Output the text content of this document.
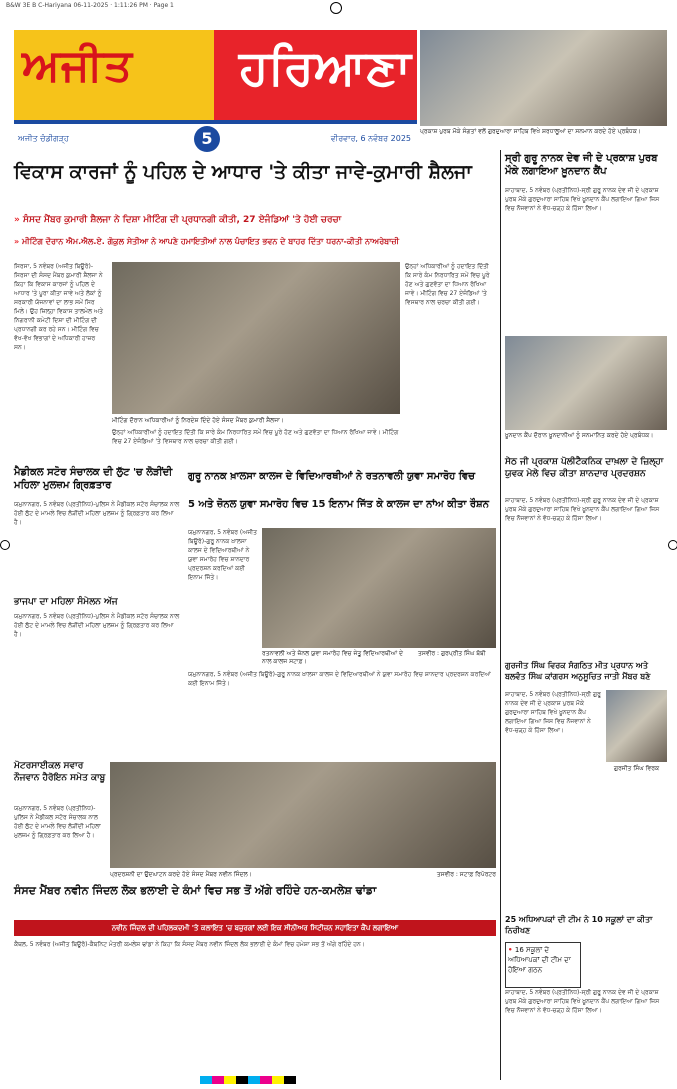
B&W 3E B C-Hariyana 06-11-2025 · 1:11:26 PM · Page 1
ਅਜੀਤ ਹਰਿਆਣਾ
5
ਅਜੀਤ ਚੰਡੀਗੜ੍ਹ	ਵੀਰਵਾਰ, 6 ਨਵੰਬਰ 2025
ਪ੍ਰਕਾਸ਼ ਪੁਰਬ ਮੌਕੇ ਸੰਗਤਾਂ ਵਲੋਂ ਗੁਰਦੁਆਰਾ ਸਾਹਿਬ ਵਿਖੇ ਸ਼ਰਧਾਲੂਆਂ ਦਾ ਸਨਮਾਨ ਕਰਦੇ ਹੋਏ ਪ੍ਰਬੰਧਕ।
ਵਿਕਾਸ ਕਾਰਜਾਂ ਨੂੰ ਪਹਿਲ ਦੇ ਆਧਾਰ 'ਤੇ ਕੀਤਾ ਜਾਵੇ-ਕੁਮਾਰੀ ਸ਼ੈਲਜਾ
» ਸੰਸਦ ਮੈਂਬਰ ਕੁਮਾਰੀ ਸ਼ੈਲਜਾ ਨੇ ਦਿਸ਼ਾ ਮੀਟਿੰਗ ਦੀ ਪ੍ਰਧਾਨਗੀ ਕੀਤੀ, 27 ਏਜੰਡਿਆਂ 'ਤੇ ਹੋਈ ਚਰਚਾ
» ਮੀਟਿੰਗ ਦੌਰਾਨ ਐਮ.ਐਲ.ਏ. ਗੋਕੁਲ ਸੇਤੀਆ ਨੇ ਆਪਣੇ ਹਮਾਇਤੀਆਂ ਨਾਲ ਪੰਚਾਇਤ ਭਵਨ ਦੇ ਬਾਹਰ ਦਿੱਤਾ ਧਰਨਾ-ਕੀਤੀ ਨਾਅਰੇਬਾਜ਼ੀ

ਸਿਰਸਾ, 5 ਨਵੰਬਰ (ਅਜੀਤ ਬਿਊਰੋ)-ਸਿਰਸਾ ਦੀ ਸੰਸਦ ਮੈਂਬਰ ਕੁਮਾਰੀ ਸ਼ੈਲਜਾ ਨੇ ਕਿਹਾ ਕਿ ਵਿਕਾਸ ਕਾਰਜਾਂ ਨੂੰ ਪਹਿਲ ਦੇ ਆਧਾਰ 'ਤੇ ਪੂਰਾ ਕੀਤਾ ਜਾਵੇ ਅਤੇ ਲੋਕਾਂ ਨੂੰ ਸਰਕਾਰੀ ਯੋਜਨਾਵਾਂ ਦਾ ਲਾਭ ਸਮੇਂ ਸਿਰ ਮਿਲੇ। ਉਹ ਜ਼ਿਲ੍ਹਾ ਵਿਕਾਸ ਤਾਲਮੇਲ ਅਤੇ ਨਿਗਰਾਨੀ ਕਮੇਟੀ ਦਿਸ਼ਾ ਦੀ ਮੀਟਿੰਗ ਦੀ ਪ੍ਰਧਾਨਗੀ ਕਰ ਰਹੇ ਸਨ। ਮੀਟਿੰਗ ਵਿਚ ਵੱਖ-ਵੱਖ ਵਿਭਾਗਾਂ ਦੇ ਅਧਿਕਾਰੀ ਹਾਜ਼ਰ ਸਨ।

ਮੀਟਿੰਗ ਦੌਰਾਨ ਅਧਿਕਾਰੀਆਂ ਨੂੰ ਨਿਰਦੇਸ਼ ਦਿੰਦੇ ਹੋਏ ਸੰਸਦ ਮੈਂਬਰ ਕੁਮਾਰੀ ਸ਼ੈਲਜਾ।

ਉਨ੍ਹਾਂ ਅਧਿਕਾਰੀਆਂ ਨੂੰ ਹਦਾਇਤ ਦਿੱਤੀ ਕਿ ਸਾਰੇ ਕੰਮ ਨਿਰਧਾਰਿਤ ਸਮੇਂ ਵਿਚ ਪੂਰੇ ਹੋਣ ਅਤੇ ਗੁਣਵੱਤਾ ਦਾ ਧਿਆਨ ਰੱਖਿਆ ਜਾਵੇ। ਮੀਟਿੰਗ ਵਿਚ 27 ਏਜੰਡਿਆਂ 'ਤੇ ਵਿਸਥਾਰ ਨਾਲ ਚਰਚਾ ਕੀਤੀ ਗਈ।

ਉਨ੍ਹਾਂ ਅਧਿਕਾਰੀਆਂ ਨੂੰ ਹਦਾਇਤ ਦਿੱਤੀ ਕਿ ਸਾਰੇ ਕੰਮ ਨਿਰਧਾਰਿਤ ਸਮੇਂ ਵਿਚ ਪੂਰੇ ਹੋਣ ਅਤੇ ਗੁਣਵੱਤਾ ਦਾ ਧਿਆਨ ਰੱਖਿਆ ਜਾਵੇ। ਮੀਟਿੰਗ ਵਿਚ 27 ਏਜੰਡਿਆਂ 'ਤੇ ਵਿਸਥਾਰ ਨਾਲ ਚਰਚਾ ਕੀਤੀ ਗਈ।

ਸ੍ਰੀ ਗੁਰੂ ਨਾਨਕ ਦੇਵ ਜੀ ਦੇ ਪ੍ਰਕਾਸ਼ ਪੁਰਬ ਮੌਕੇ ਲਗਾਇਆ ਖ਼ੂਨਦਾਨ ਕੈਂਪ

ਸ਼ਾਹਾਬਾਦ, 5 ਨਵੰਬਰ (ਪ੍ਰਤੀਨਿਧ)-ਸ੍ਰੀ ਗੁਰੂ ਨਾਨਕ ਦੇਵ ਜੀ ਦੇ ਪ੍ਰਕਾਸ਼ ਪੁਰਬ ਮੌਕੇ ਗੁਰਦੁਆਰਾ ਸਾਹਿਬ ਵਿਖੇ ਖ਼ੂਨਦਾਨ ਕੈਂਪ ਲਗਾਇਆ ਗਿਆ ਜਿਸ ਵਿਚ ਨੌਜਵਾਨਾਂ ਨੇ ਵੱਧ-ਚੜ੍ਹ ਕੇ ਹਿੱਸਾ ਲਿਆ।

ਖ਼ੂਨਦਾਨ ਕੈਂਪ ਦੌਰਾਨ ਖ਼ੂਨਦਾਨੀਆਂ ਨੂੰ ਸਨਮਾਨਿਤ ਕਰਦੇ ਹੋਏ ਪ੍ਰਬੰਧਕ।
ਮੈਡੀਕਲ ਸਟੋਰ ਸੰਚਾਲਕ ਦੀ ਲੁੱਟ 'ਚ ਲੋੜੀਂਦੀ ਮਹਿਲਾ ਮੁਲਜ਼ਮ ਗ੍ਰਿਫ਼ਤਾਰ

ਯਮੁਨਾਨਗਰ, 5 ਨਵੰਬਰ (ਪ੍ਰਤੀਨਿਧ)-ਪੁਲਿਸ ਨੇ ਮੈਡੀਕਲ ਸਟੋਰ ਸੰਚਾਲਕ ਨਾਲ ਹੋਈ ਲੁੱਟ ਦੇ ਮਾਮਲੇ ਵਿਚ ਲੋੜੀਂਦੀ ਮਹਿਲਾ ਮੁਲਜ਼ਮ ਨੂੰ ਗ੍ਰਿਫ਼ਤਾਰ ਕਰ ਲਿਆ ਹੈ।

ਭਾਜਪਾ ਦਾ ਮਹਿਲਾ ਸੰਮੇਲਨ ਅੱਜ

ਯਮੁਨਾਨਗਰ, 5 ਨਵੰਬਰ (ਪ੍ਰਤੀਨਿਧ)-ਪੁਲਿਸ ਨੇ ਮੈਡੀਕਲ ਸਟੋਰ ਸੰਚਾਲਕ ਨਾਲ ਹੋਈ ਲੁੱਟ ਦੇ ਮਾਮਲੇ ਵਿਚ ਲੋੜੀਂਦੀ ਮਹਿਲਾ ਮੁਲਜ਼ਮ ਨੂੰ ਗ੍ਰਿਫ਼ਤਾਰ ਕਰ ਲਿਆ ਹੈ।

ਗੁਰੂ ਨਾਨਕ ਖ਼ਾਲਸਾ ਕਾਲਜ ਦੇ ਵਿਦਿਆਰਥੀਆਂ ਨੇ ਰਤਨਾਵਲੀ ਯੁਵਾ ਸਮਾਰੋਹ ਵਿਚ
5 ਅਤੇ ਜ਼ੋਨਲ ਯੁਵਾ ਸਮਾਰੋਹ ਵਿਚ 15 ਇਨਾਮ ਜਿੱਤ ਕੇ ਕਾਲਜ ਦਾ ਨਾਂਅ ਕੀਤਾ ਰੌਸ਼ਨ

ਯਮੁਨਾਨਗਰ, 5 ਨਵੰਬਰ (ਅਜੀਤ ਬਿਊਰੋ)-ਗੁਰੂ ਨਾਨਕ ਖ਼ਾਲਸਾ ਕਾਲਜ ਦੇ ਵਿਦਿਆਰਥੀਆਂ ਨੇ ਯੁਵਾ ਸਮਾਰੋਹ ਵਿਚ ਸ਼ਾਨਦਾਰ ਪ੍ਰਦਰਸ਼ਨ ਕਰਦਿਆਂ ਕਈ ਇਨਾਮ ਜਿੱਤੇ।

ਰਤਨਾਵਲੀ ਅਤੇ ਜ਼ੋਨਲ ਯੁਵਾ ਸਮਾਰੋਹ ਵਿਚ ਜੇਤੂ ਵਿਦਿਆਰਥੀਆਂ ਦੇ ਨਾਲ ਕਾਲਜ ਸਟਾਫ਼।
ਤਸਵੀਰ : ਗੁਰਪ੍ਰੀਤ ਸਿੰਘ ਬੱਬੀ

ਯਮੁਨਾਨਗਰ, 5 ਨਵੰਬਰ (ਅਜੀਤ ਬਿਊਰੋ)-ਗੁਰੂ ਨਾਨਕ ਖ਼ਾਲਸਾ ਕਾਲਜ ਦੇ ਵਿਦਿਆਰਥੀਆਂ ਨੇ ਯੁਵਾ ਸਮਾਰੋਹ ਵਿਚ ਸ਼ਾਨਦਾਰ ਪ੍ਰਦਰਸ਼ਨ ਕਰਦਿਆਂ ਕਈ ਇਨਾਮ ਜਿੱਤੇ।

ਸੇਠ ਜੀ ਪ੍ਰਕਾਸ਼ ਪੋਲੀਟੈਕਨਿਕ ਦਾਖ਼ਲਾ ਦੇ ਜ਼ਿਲ੍ਹਾ ਯੁਵਕ ਮੇਲੇ ਵਿਚ ਕੀਤਾ ਸ਼ਾਨਦਾਰ ਪ੍ਰਦਰਸ਼ਨ

ਸ਼ਾਹਾਬਾਦ, 5 ਨਵੰਬਰ (ਪ੍ਰਤੀਨਿਧ)-ਸ੍ਰੀ ਗੁਰੂ ਨਾਨਕ ਦੇਵ ਜੀ ਦੇ ਪ੍ਰਕਾਸ਼ ਪੁਰਬ ਮੌਕੇ ਗੁਰਦੁਆਰਾ ਸਾਹਿਬ ਵਿਖੇ ਖ਼ੂਨਦਾਨ ਕੈਂਪ ਲਗਾਇਆ ਗਿਆ ਜਿਸ ਵਿਚ ਨੌਜਵਾਨਾਂ ਨੇ ਵੱਧ-ਚੜ੍ਹ ਕੇ ਹਿੱਸਾ ਲਿਆ।

ਗੁਰਜੀਤ ਸਿੰਘ ਵਿਰਕ ਸੰਗਠਿਤ ਮੀਤ ਪ੍ਰਧਾਨ ਅਤੇ ਬਲਵੰਤ ਸਿੰਘ ਕਾਂਗਰਸ ਅਨੁਸੂਚਿਤ ਜਾਤੀ ਮੈਂਬਰ ਬਣੇ

ਸ਼ਾਹਾਬਾਦ, 5 ਨਵੰਬਰ (ਪ੍ਰਤੀਨਿਧ)-ਸ੍ਰੀ ਗੁਰੂ ਨਾਨਕ ਦੇਵ ਜੀ ਦੇ ਪ੍ਰਕਾਸ਼ ਪੁਰਬ ਮੌਕੇ ਗੁਰਦੁਆਰਾ ਸਾਹਿਬ ਵਿਖੇ ਖ਼ੂਨਦਾਨ ਕੈਂਪ ਲਗਾਇਆ ਗਿਆ ਜਿਸ ਵਿਚ ਨੌਜਵਾਨਾਂ ਨੇ ਵੱਧ-ਚੜ੍ਹ ਕੇ ਹਿੱਸਾ ਲਿਆ।

ਗੁਰਜੀਤ ਸਿੰਘ ਵਿਰਕ
ਮੋਟਰਸਾਈਕਲ ਸਵਾਰ ਨੌਜਵਾਨ ਹੈਰੋਇਨ ਸਮੇਤ ਕਾਬੂ

ਯਮੁਨਾਨਗਰ, 5 ਨਵੰਬਰ (ਪ੍ਰਤੀਨਿਧ)-ਪੁਲਿਸ ਨੇ ਮੈਡੀਕਲ ਸਟੋਰ ਸੰਚਾਲਕ ਨਾਲ ਹੋਈ ਲੁੱਟ ਦੇ ਮਾਮਲੇ ਵਿਚ ਲੋੜੀਂਦੀ ਮਹਿਲਾ ਮੁਲਜ਼ਮ ਨੂੰ ਗ੍ਰਿਫ਼ਤਾਰ ਕਰ ਲਿਆ ਹੈ।

ਪ੍ਰਦਰਸ਼ਨੀ ਦਾ ਉਦਘਾਟਨ ਕਰਦੇ ਹੋਏ ਸੰਸਦ ਮੈਂਬਰ ਨਵੀਨ ਜਿੰਦਲ।	ਤਸਵੀਰ : ਸਟਾਫ਼ ਰਿਪੋਰਟਰ
ਸੰਸਦ ਮੈਂਬਰ ਨਵੀਨ ਜਿੰਦਲ ਲੋਕ ਭਲਾਈ ਦੇ ਕੰਮਾਂ ਵਿਚ ਸਭ ਤੋਂ ਅੱਗੇ ਰਹਿੰਦੇ ਹਨ-ਕਮਲੇਸ਼ ਢਾਂਡਾ
ਨਵੀਨ ਜਿੰਦਲ ਦੀ ਪਹਿਲਕਦਮੀ 'ਤੇ ਕਲਾਇਤ 'ਚ ਬਜ਼ੁਰਗਾਂ ਲਈ ਇਕ ਸੀਨੀਅਰ ਸਿਟੀਜ਼ਨ ਸਹਾਇਤਾ ਕੈਂਪ ਲਗਾਇਆ

ਕੈਥਲ, 5 ਨਵੰਬਰ (ਅਜੀਤ ਬਿਊਰੋ)-ਕੈਬਨਿਟ ਮੰਤਰੀ ਕਮਲੇਸ਼ ਢਾਂਡਾ ਨੇ ਕਿਹਾ ਕਿ ਸੰਸਦ ਮੈਂਬਰ ਨਵੀਨ ਜਿੰਦਲ ਲੋਕ ਭਲਾਈ ਦੇ ਕੰਮਾਂ ਵਿਚ ਹਮੇਸ਼ਾ ਸਭ ਤੋਂ ਅੱਗੇ ਰਹਿੰਦੇ ਹਨ।

25 ਅਧਿਆਪਕਾਂ ਦੀ ਟੀਮ ਨੇ 10 ਸਕੂਲਾਂ ਦਾ ਕੀਤਾ ਨਿਰੀਖਣ
• 16 ਸਕੂਲਾਂ ਦੇ ਅਧਿਆਪਕਾਂ ਦੀ ਟੀਮ ਦਾ ਹੋਇਆ ਗਠਨ

ਸ਼ਾਹਾਬਾਦ, 5 ਨਵੰਬਰ (ਪ੍ਰਤੀਨਿਧ)-ਸ੍ਰੀ ਗੁਰੂ ਨਾਨਕ ਦੇਵ ਜੀ ਦੇ ਪ੍ਰਕਾਸ਼ ਪੁਰਬ ਮੌਕੇ ਗੁਰਦੁਆਰਾ ਸਾਹਿਬ ਵਿਖੇ ਖ਼ੂਨਦਾਨ ਕੈਂਪ ਲਗਾਇਆ ਗਿਆ ਜਿਸ ਵਿਚ ਨੌਜਵਾਨਾਂ ਨੇ ਵੱਧ-ਚੜ੍ਹ ਕੇ ਹਿੱਸਾ ਲਿਆ।
